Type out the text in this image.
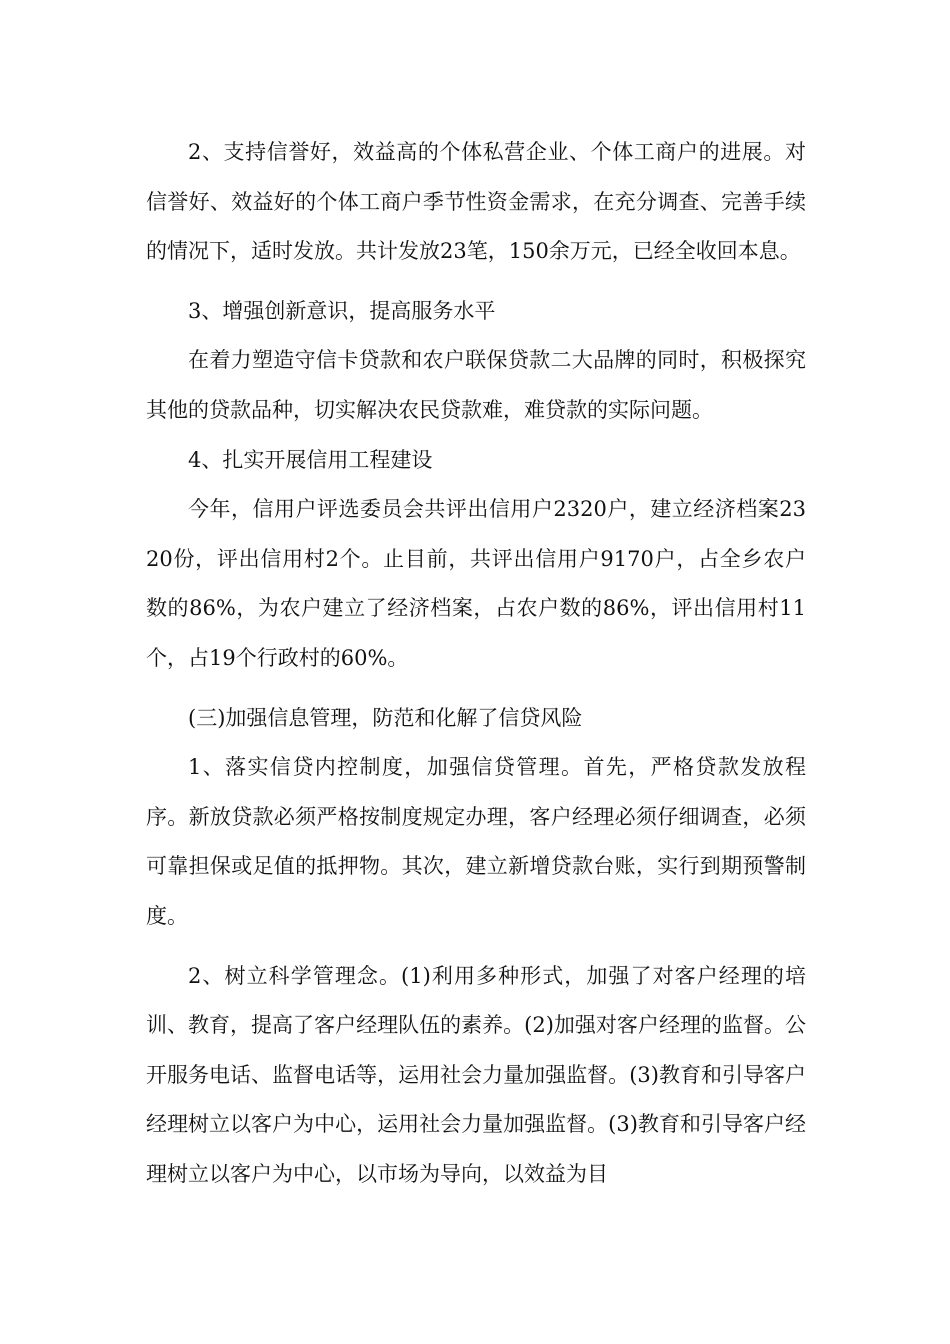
2、支持信誉好，效益高的个体私营企业、个体工商户的进展。对信誉好、效益好的个体工商户季节性资金需求，在充分调查、完善手续的情况下，适时发放。共计发放23笔，150余万元，已经全收回本息。

3、增强创新意识，提高服务水平

在着力塑造守信卡贷款和农户联保贷款二大品牌的同时，积极探究其他的贷款品种，切实解决农民贷款难，难贷款的实际问题。

4、扎实开展信用工程建设

今年，信用户评选委员会共评出信用户2320户，建立经济档案2320份，评出信用村2个。止目前，共评出信用户9170户，占全乡农户数的86%，为农户建立了经济档案，占农户数的86%，评出信用村11个，占19个行政村的60%。

(三)加强信息管理，防范和化解了信贷风险

1、落实信贷内控制度，加强信贷管理。首先，严格贷款发放程序。新放贷款必须严格按制度规定办理，客户经理必须仔细调查，必须可靠担保或足值的抵押物。其次，建立新增贷款台账，实行到期预警制度。

2、树立科学管理念。(1)利用多种形式，加强了对客户经理的培训、教育，提高了客户经理队伍的素养。(2)加强对客户经理的监督。公开服务电话、监督电话等，运用社会力量加强监督。(3)教育和引导客户经理树立以客户为中心，运用社会力量加强监督。(3)教育和引导客户经理树立以客户为中心，以市场为导向，以效益为目
